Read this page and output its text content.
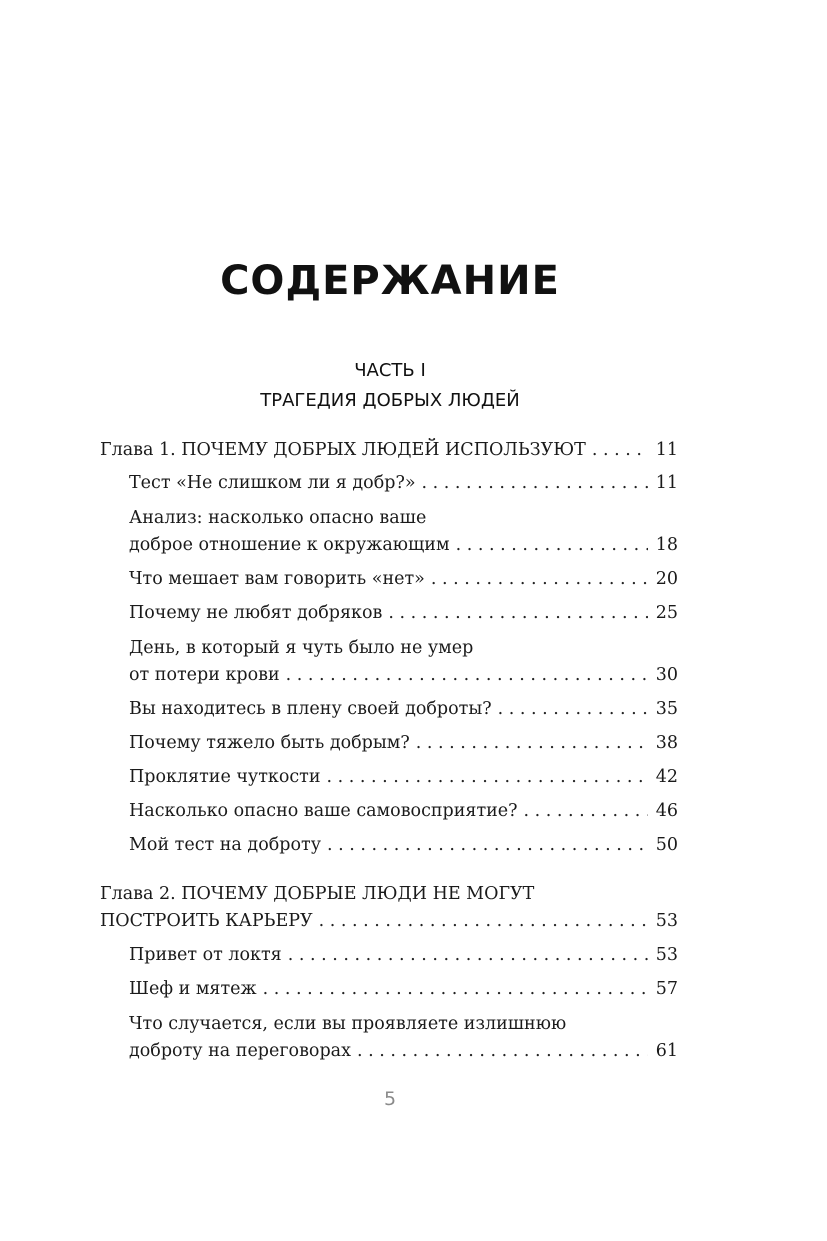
СОДЕРЖАНИЕ
ЧАСТЬ I
ТРАГЕДИЯ ДОБРЫХ ЛЮДЕЙ
Глава 1. ПОЧЕМУ ДОБРЫХ ЛЮДЕЙ ИСПОЛЬЗУЮТ . . .	11
Тест «Не слишком ли я добр?» . . .	11
Анализ: насколько опасно ваше
доброе отношение к окружающим . . .	18
Что мешает вам говорить «нет» . . .	20
Почему не любят добряков . . .	25
День, в который я чуть было не умер
от потери крови . . .	30
Вы находитесь в плену своей доброты? . . .	35
Почему тяжело быть добрым? . . .	38
Проклятие чуткости . . .	42
Насколько опасно ваше самовосприятие? . . .	46
Мой тест на доброту . . .	50
Глава 2. ПОЧЕМУ ДОБРЫЕ ЛЮДИ НЕ МОГУТ
ПОСТРОИТЬ КАРЬЕРУ . . .	53
Привет от локтя . . .	53
Шеф и мятеж . . .	57
Что случается, если вы проявляете излишнюю
доброту на переговорах . . .	61
5
